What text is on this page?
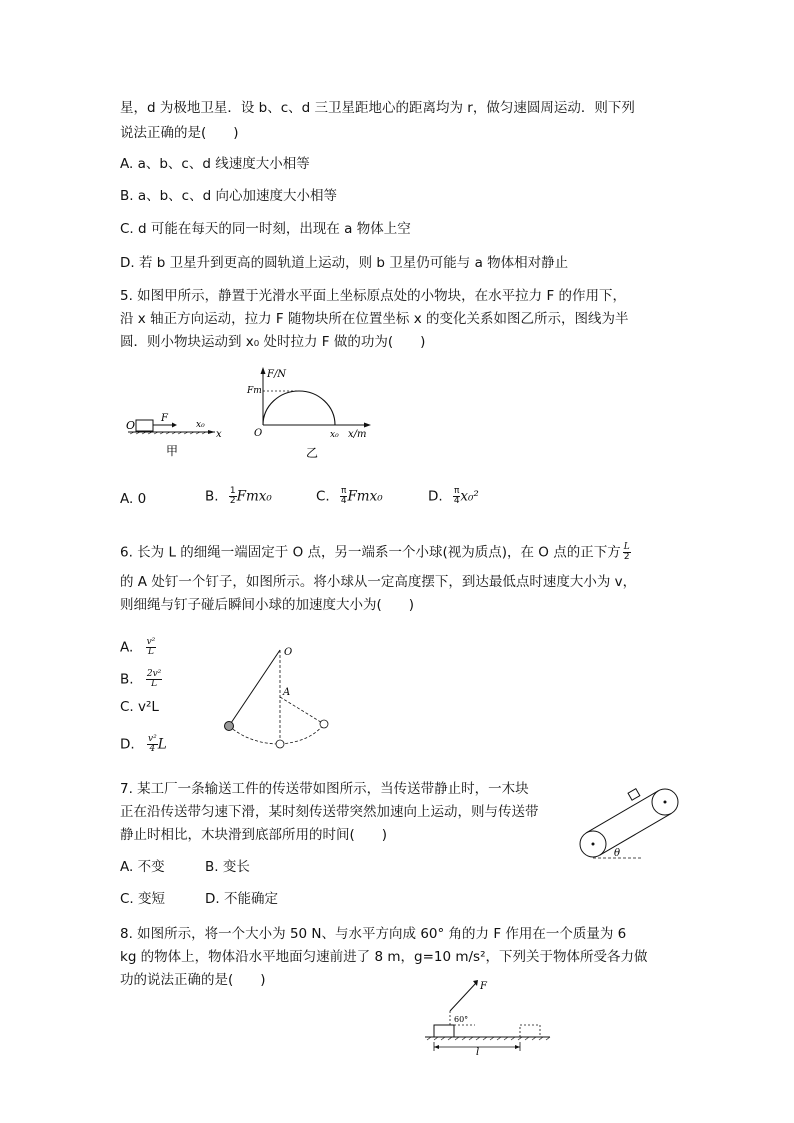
星，d 为极地卫星．设 b、c、d 三卫星距地心的距离均为 r，做匀速圆周运动．则下列
说法正确的是(　　)
A. a、b、c、d 线速度大小相等
B. a、b、c、d 向心加速度大小相等
C. d 可能在每天的同一时刻，出现在 a 物体上空
D. 若 b 卫星升到更高的圆轨道上运动，则 b 卫星仍可能与 a 物体相对静止
5. 如图甲所示，静置于光滑水平面上坐标原点处的小物块，在水平拉力 F 的作用下，
沿 x 轴正方向运动，拉力 F 随物块所在位置坐标 x 的变化关系如图乙所示，图线为半
圆．则小物块运动到 x₀ 处时拉力 F 做的功为(　　)
O
F
x₀
x
甲
F/N
Fm
O	x₀ x/m
乙
A. 0	B. $\frac{1}{2} Fmx_0$	C. $\frac{\pi}{4} Fmx_0$	D. $\frac{\pi}{4} x_0^2$
6. 长为 L 的细绳一端固定于 O 点，另一端系一个小球(视为质点)，在 O 点的正下方 $\frac{L}{2}$
的 A 处钉一个钉子，如图所示。将小球从一定高度摆下，到达最低点时速度大小为 v，
则细绳与钉子碰后瞬间小球的加速度大小为(　　)
A. $\frac{\text{v²}}{L}$
B. $\frac{\text{2v²}}{L}$
C. v²L
D. $\frac{\text{v²}}{4}$ L
O
A
7. 某工厂一条输送工件的传送带如图所示，当传送带静止时，一木块
正在沿传送带匀速下滑，某时刻传送带突然加速向上运动，则与传送带
静止时相比，木块滑到底部所用的时间(　　)
A. 不变	B. 变长
C. 变短	D. 不能确定
θ
8. 如图所示，将一个大小为 50 N、与水平方向成 60° 角的力 F 作用在一个质量为 6
kg 的物体上，物体沿水平地面匀速前进了 8 m，g=10 m/s²，下列关于物体所受各力做
功的说法正确的是(　　)	F
60°
l
